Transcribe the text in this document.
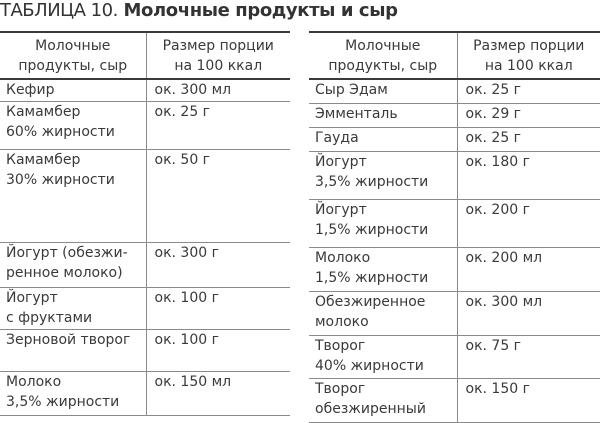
ТАБЛИЦА 10. Молочные продукты и сыр
Молочные
продукты, сыр	Размер порции
на 100 ккал
Кефир	ок. 300 мл
Камамбер
60% жирности	ок. 25 г
Камамбер
30% жирности	ок. 50 г
Йогурт (обезжи-
ренное молоко)	ок. 300 г
Йогурт
с фруктами	ок. 100 г
Зерновой творог	ок. 100 г
Молоко
3,5% жирности	ок. 150 мл
Молочные
продукты, сыр	Размер порции
на 100 ккал
Сыр Эдам	ок. 25 г
Эмменталь	ок. 29 г
Гауда	ок. 25 г
Йогурт
3,5% жирности	ок. 180 г
Йогурт
1,5% жирности	ок. 200 г
Молоко
1,5% жирности	ок. 200 мл
Обезжиренное
молоко	ок. 300 мл
Творог
40% жирности	ок. 75 г
Творог
обезжиренный	ок. 150 г
